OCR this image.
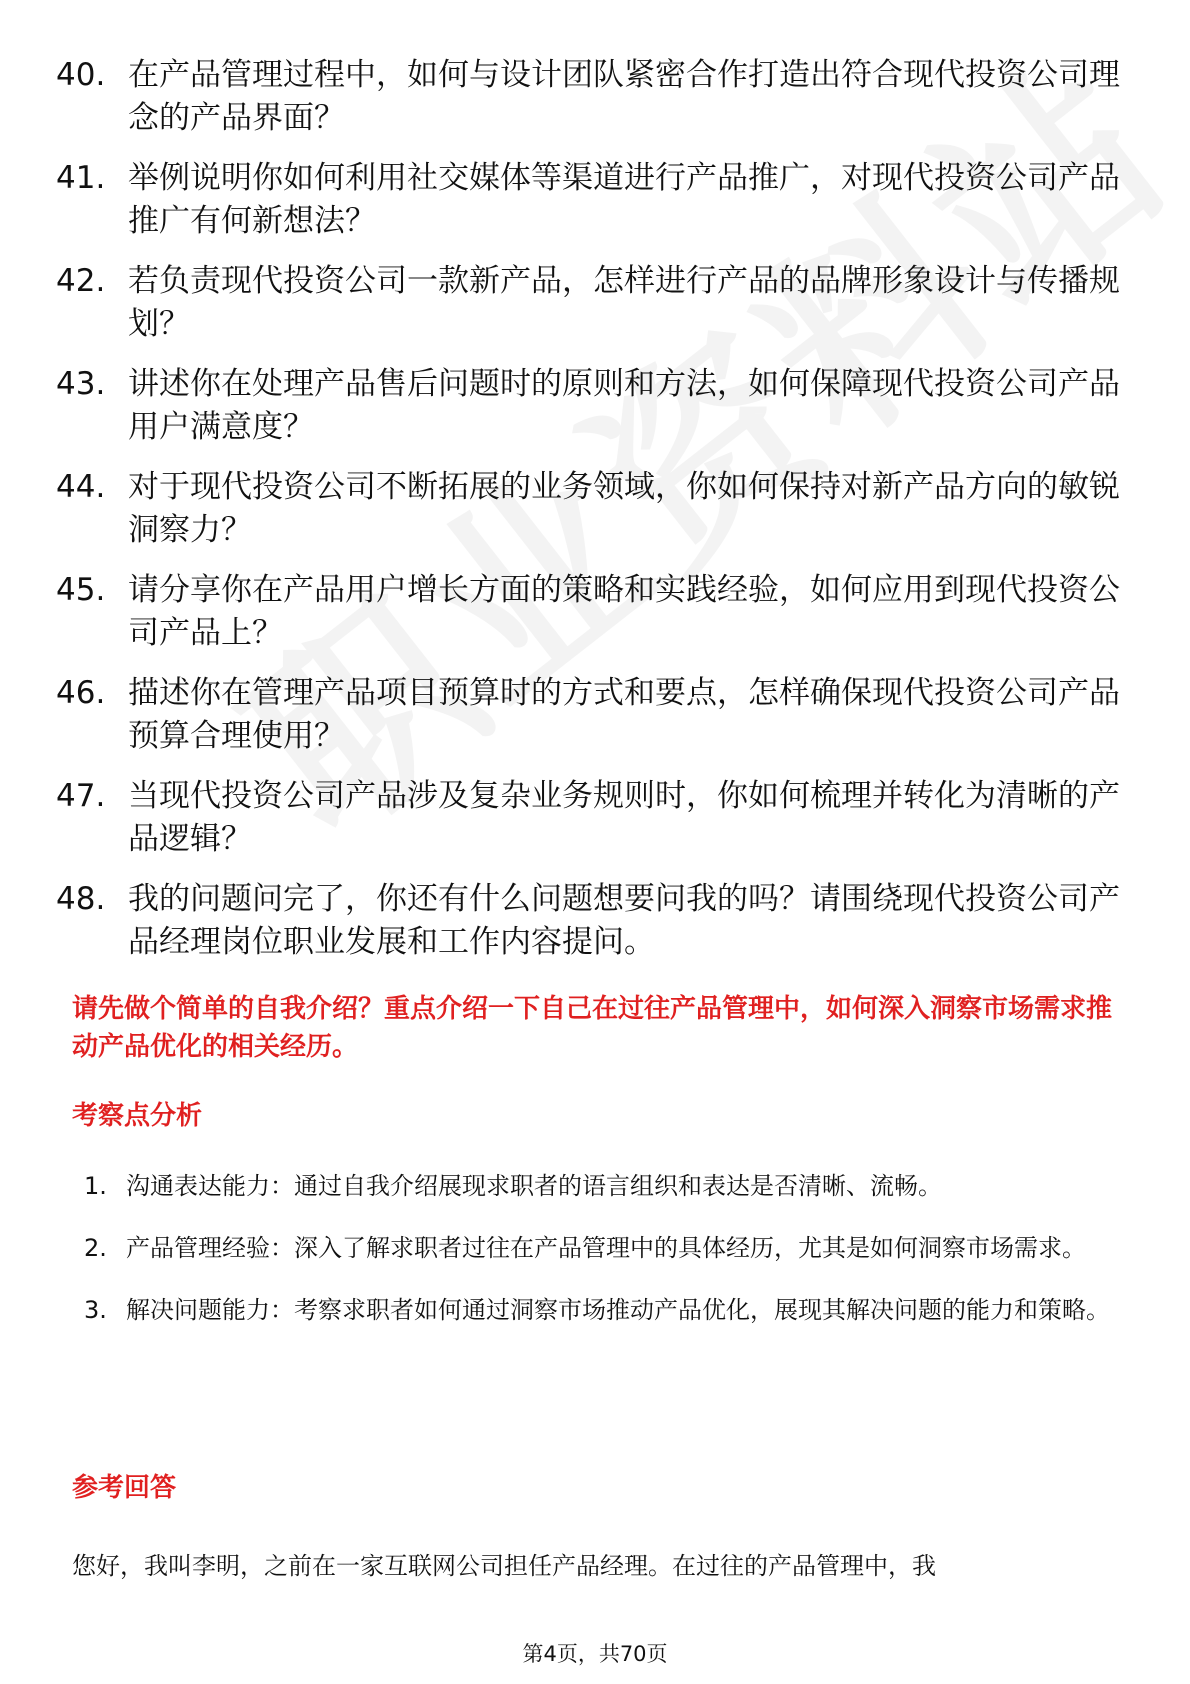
40. 在产品管理过程中，如何与设计团队紧密合作打造出符合现代投资公司理念的产品界面？
41. 举例说明你如何利用社交媒体等渠道进行产品推广，对现代投资公司产品推广有何新想法？
42. 若负责现代投资公司一款新产品，怎样进行产品的品牌形象设计与传播规划？
43. 讲述你在处理产品售后问题时的原则和方法，如何保障现代投资公司产品用户满意度？
44. 对于现代投资公司不断拓展的业务领域，你如何保持对新产品方向的敏锐洞察力？
45. 请分享你在产品用户增长方面的策略和实践经验，如何应用到现代投资公司产品上？
46. 描述你在管理产品项目预算时的方式和要点，怎样确保现代投资公司产品预算合理使用？
47. 当现代投资公司产品涉及复杂业务规则时，你如何梳理并转化为清晰的产品逻辑？
48. 我的问题问完了，你还有什么问题想要问我的吗？请围绕现代投资公司产品经理岗位职业发展和工作内容提问。
请先做个简单的自我介绍？重点介绍一下自己在过往产品管理中，如何深入洞察市场需求推动产品优化的相关经历。
考察点分析
1. 沟通表达能力：通过自我介绍展现求职者的语言组织和表达是否清晰、流畅。
2. 产品管理经验：深入了解求职者过往在产品管理中的具体经历，尤其是如何洞察市场需求。
3. 解决问题能力：考察求职者如何通过洞察市场推动产品优化，展现其解决问题的能力和策略。
参考回答
您好，我叫李明，之前在一家互联网公司担任产品经理。在过往的产品管理中，我
第4页，共70页
